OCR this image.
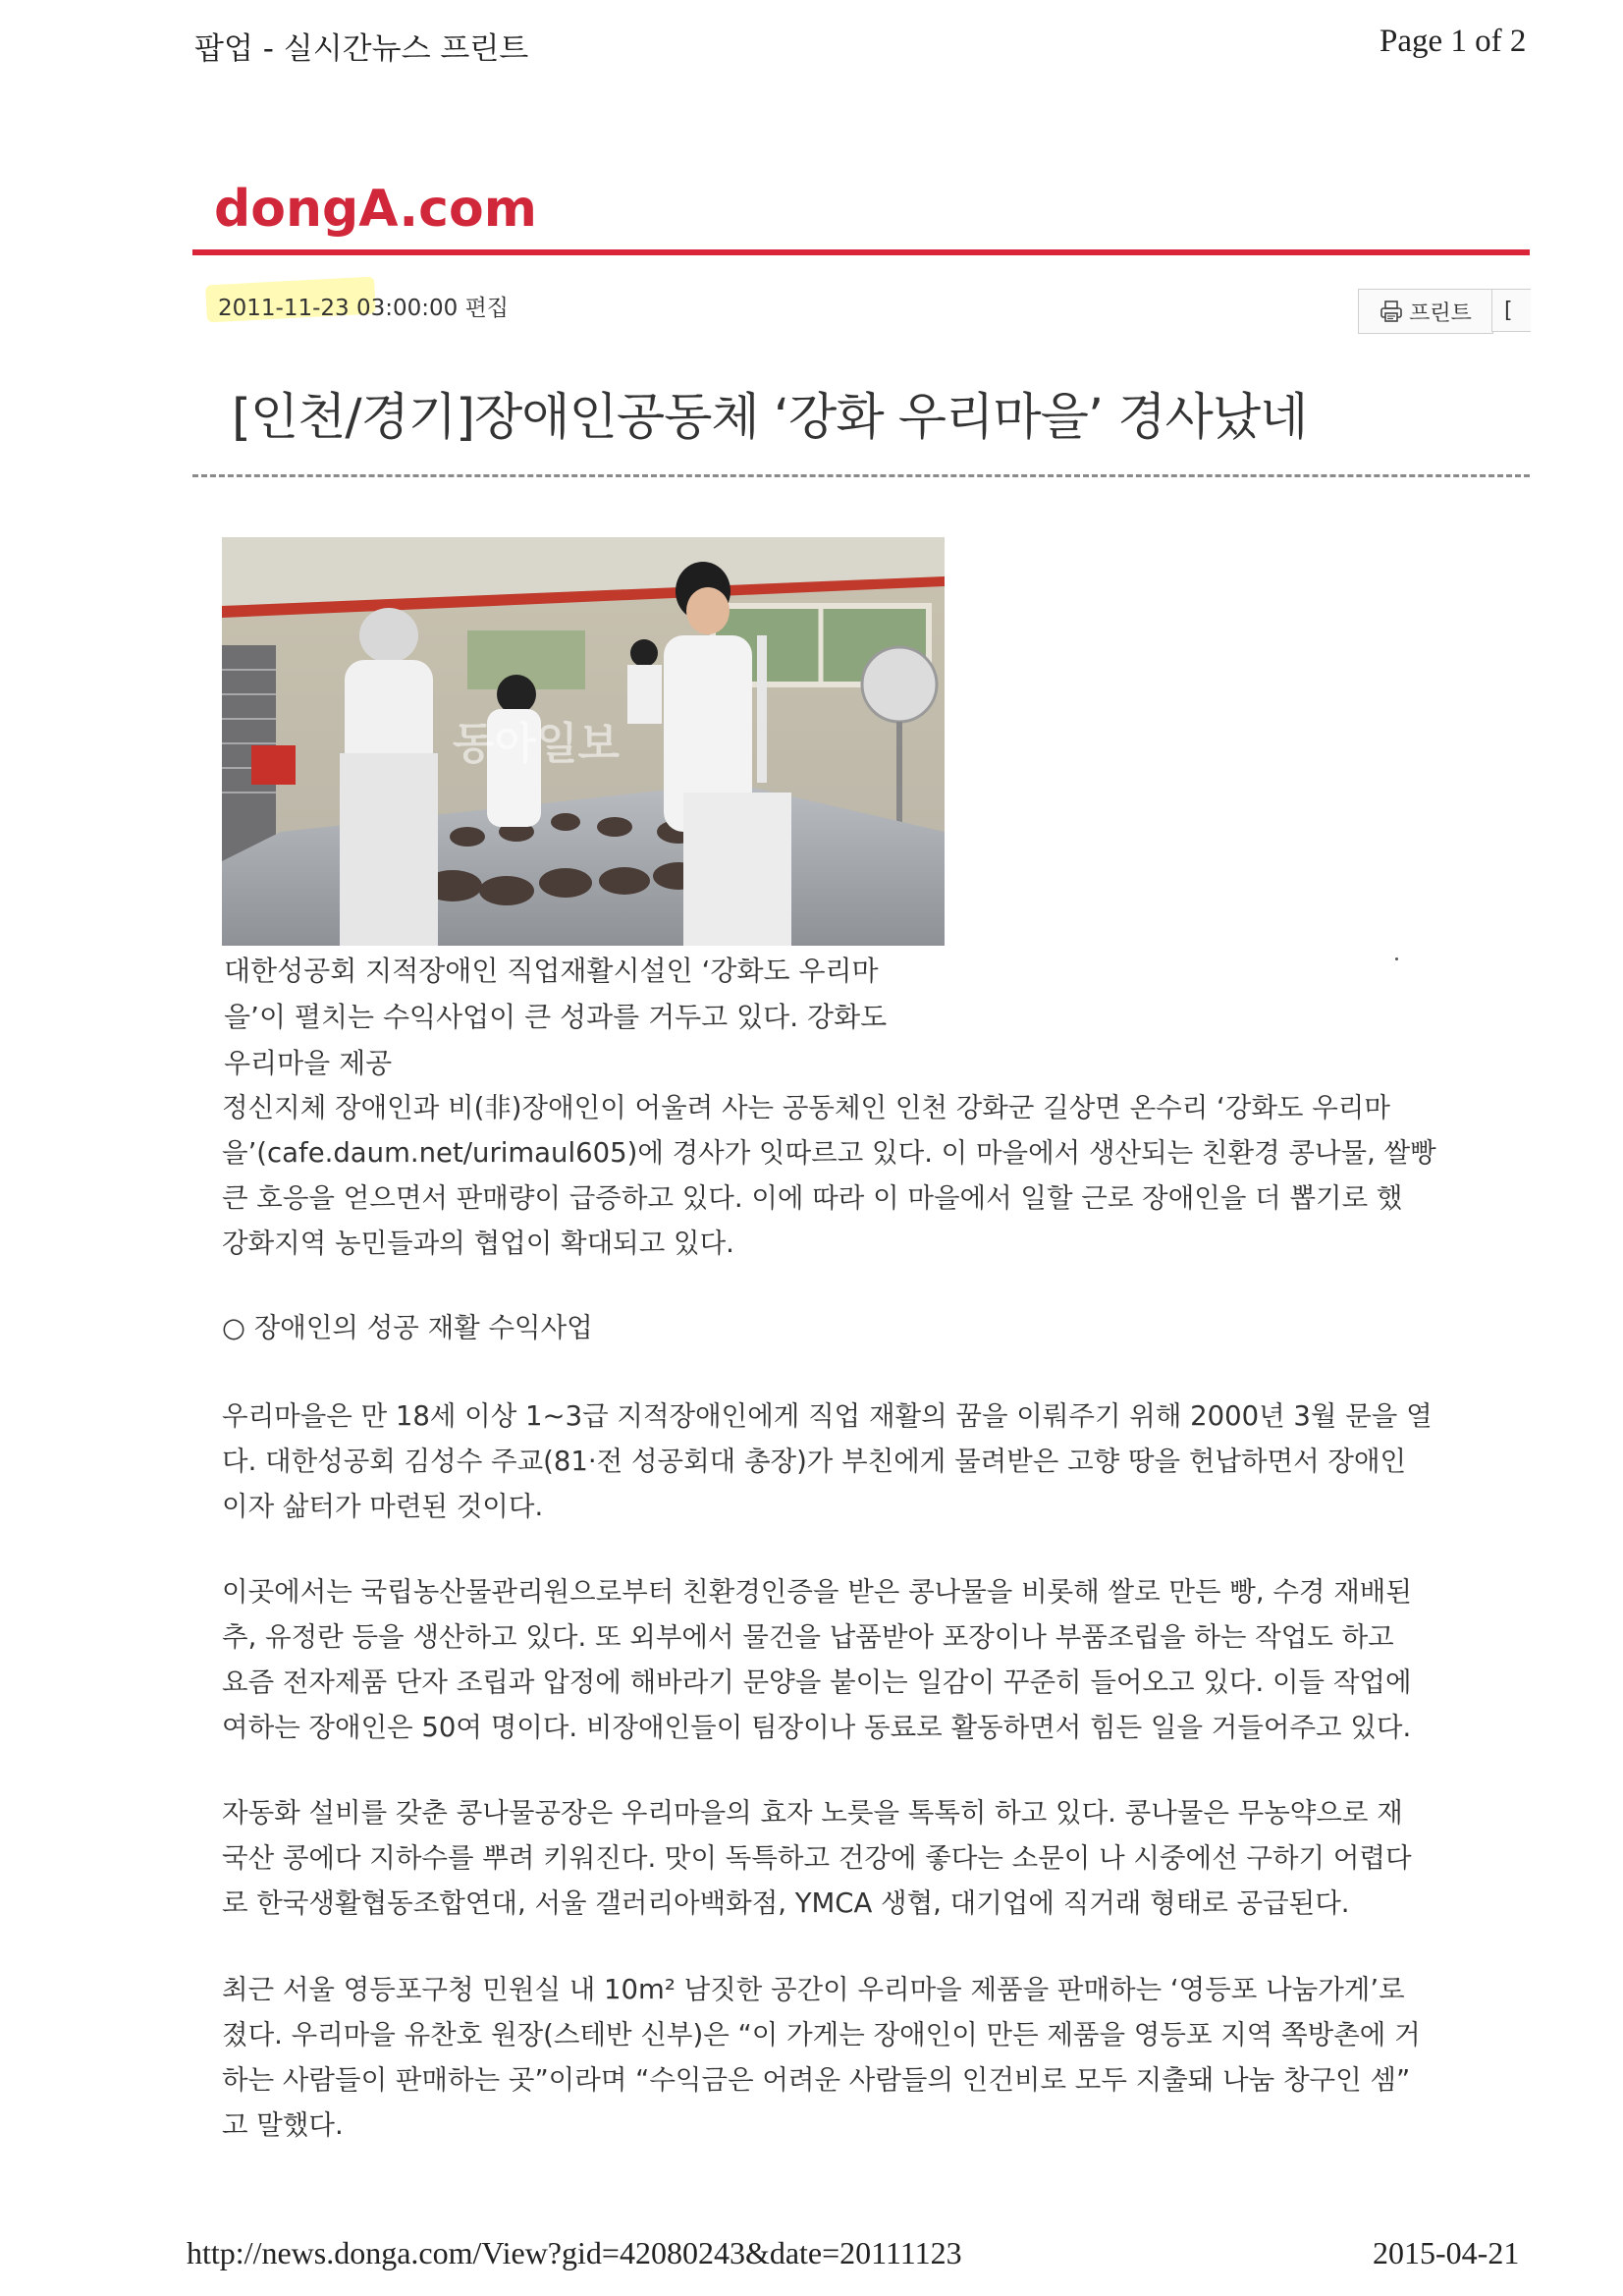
팝업 - 실시간뉴스 프린트	Page 1 of 2
dongA.com
2011-11-23 03:00:00 편집	프린트 [
[인천/경기]장애인공동체 ‘강화 우리마을’ 경사났네
동아일보
대한성공회 지적장애인 직업재활시설인 ‘강화도 우리마
을’이 펼치는 수익사업이 큰 성과를 거두고 있다. 강화도
우리마을 제공
정신지체 장애인과 비(非)장애인이 어울려 사는 공동체인 인천 강화군 길상면 온수리 ‘강화도 우리마
을’(cafe.daum.net/urimaul605)에 경사가 잇따르고 있다. 이 마을에서 생산되는 친환경 콩나물, 쌀빵
큰 호응을 얻으면서 판매량이 급증하고 있다. 이에 따라 이 마을에서 일할 근로 장애인을 더 뽑기로 했
강화지역 농민들과의 협업이 확대되고 있다.
○ 장애인의 성공 재활 수익사업
우리마을은 만 18세 이상 1∼3급 지적장애인에게 직업 재활의 꿈을 이뤄주기 위해 2000년 3월 문을 열
다. 대한성공회 김성수 주교(81·전 성공회대 총장)가 부친에게 물려받은 고향 땅을 헌납하면서 장애인
이자 삶터가 마련된 것이다.
이곳에서는 국립농산물관리원으로부터 친환경인증을 받은 콩나물을 비롯해 쌀로 만든 빵, 수경 재배된
추, 유정란 등을 생산하고 있다. 또 외부에서 물건을 납품받아 포장이나 부품조립을 하는 작업도 하고
요즘 전자제품 단자 조립과 압정에 해바라기 문양을 붙이는 일감이 꾸준히 들어오고 있다. 이들 작업에
여하는 장애인은 50여 명이다. 비장애인들이 팀장이나 동료로 활동하면서 힘든 일을 거들어주고 있다.
자동화 설비를 갖춘 콩나물공장은 우리마을의 효자 노릇을 톡톡히 하고 있다. 콩나물은 무농약으로 재
국산 콩에다 지하수를 뿌려 키워진다. 맛이 독특하고 건강에 좋다는 소문이 나 시중에선 구하기 어렵다
로 한국생활협동조합연대, 서울 갤러리아백화점, YMCA 생협, 대기업에 직거래 형태로 공급된다.
최근 서울 영등포구청 민원실 내 10m² 남짓한 공간이 우리마을 제품을 판매하는 ‘영등포 나눔가게’로
졌다. 우리마을 유찬호 원장(스테반 신부)은 “이 가게는 장애인이 만든 제품을 영등포 지역 쪽방촌에 거
하는 사람들이 판매하는 곳”이라며 “수익금은 어려운 사람들의 인건비로 모두 지출돼 나눔 창구인 셈”
고 말했다.
http://news.donga.com/View?gid=42080243&date=20111123	2015-04-21
